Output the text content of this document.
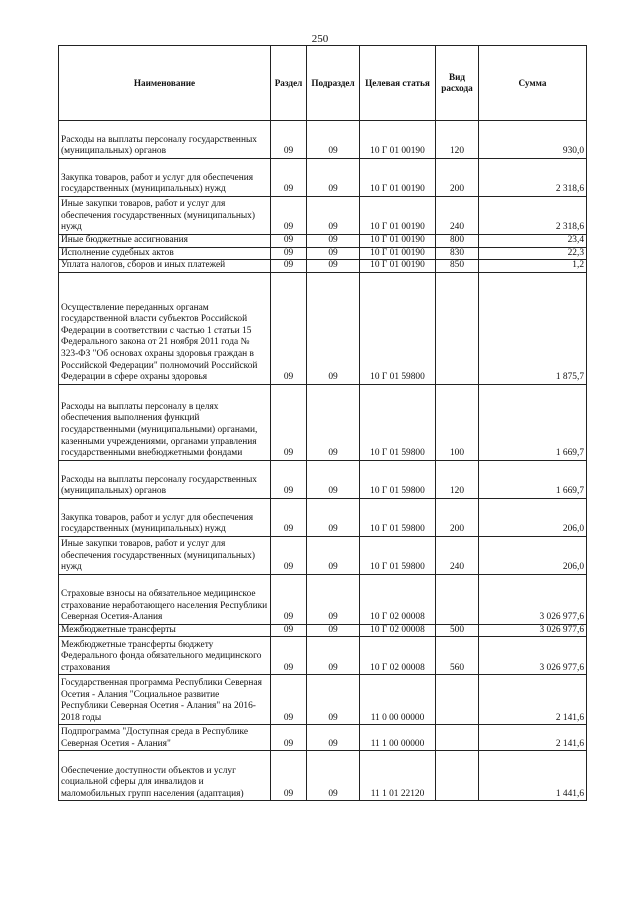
250
Наименование	Раздел	Подраздел	Целевая статья	Вид расхода	Сумма
Расходы на выплаты персоналу государственных (муниципальных) органов	09	09	10 Г 01 00190	120	930,0
Закупка товаров, работ и услуг для обеспечения государственных (муниципальных) нужд	09	09	10 Г 01 00190	200	2 318,6
Иные закупки товаров, работ и услуг для обеспечения государственных (муниципальных) нужд	09	09	10 Г 01 00190	240	2 318,6
Иные бюджетные ассигнования	09	09	10 Г 01 00190	800	23,4
Исполнение судебных актов	09	09	10 Г 01 00190	830	22,3
Уплата налогов, сборов и иных платежей	09	09	10 Г 01 00190	850	1,2
Осуществление переданных органам государственной власти субъектов Российской Федерации в соответствии с частью 1 статьи 15 Федерального закона от 21 ноября 2011 года № 323-ФЗ "Об основах охраны здоровья граждан в Российской Федерации" полномочий Российской Федерации в сфере охраны здоровья	09	09	10 Г 01 59800		1 875,7
Расходы на выплаты персоналу в целях обеспечения выполнения функций государственными (муниципальными) органами, казенными учреждениями, органами управления государственными внебюджетными фондами	09	09	10 Г 01 59800	100	1 669,7
Расходы на выплаты персоналу государственных (муниципальных) органов	09	09	10 Г 01 59800	120	1 669,7
Закупка товаров, работ и услуг для обеспечения государственных (муниципальных) нужд	09	09	10 Г 01 59800	200	206,0
Иные закупки товаров, работ и услуг для обеспечения государственных (муниципальных) нужд	09	09	10 Г 01 59800	240	206,0
Страховые взносы на обязательное медицинское страхование неработающего населения Республики Северная Осетия-Алания	09	09	10 Г 02 00008		3 026 977,6
Межбюджетные трансферты	09	09	10 Г 02 00008	500	3 026 977,6
Межбюджетные трансферты бюджету Федерального фонда обязательного медицинского страхования	09	09	10 Г 02 00008	560	3 026 977,6
Государственная программа Республики Северная Осетия - Алания "Социальное развитие Республики Северная Осетия - Алания" на 2016-2018 годы	09	09	11 0 00 00000		2 141,6
Подпрограмма "Доступная среда в Республике Северная Осетия - Алания"	09	09	11 1 00 00000		2 141,6
Обеспечение доступности объектов и услуг социальной сферы для инвалидов и маломобильных групп населения (адаптация)	09	09	11 1 01 22120		1 441,6
